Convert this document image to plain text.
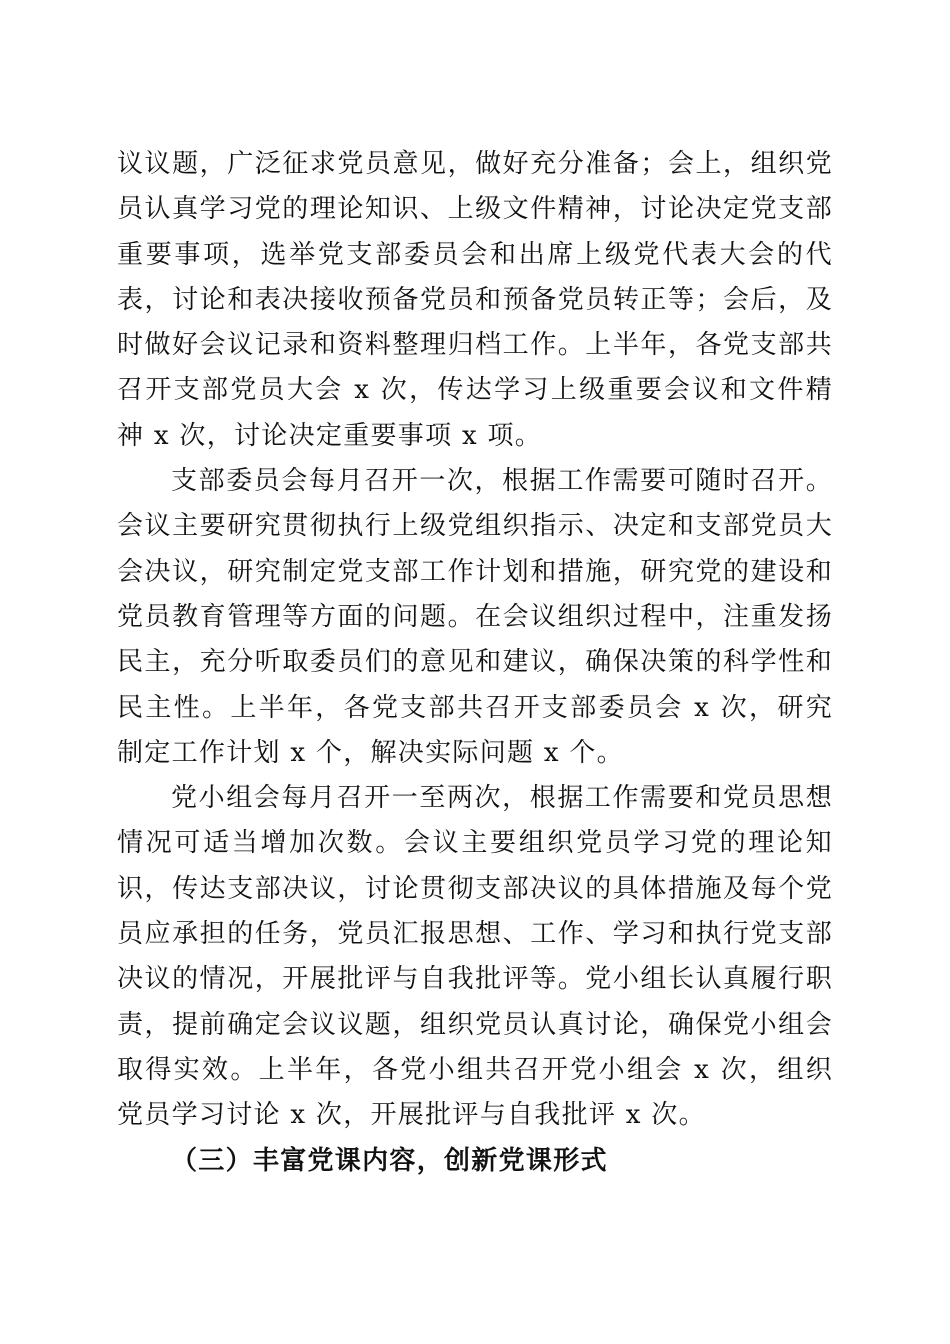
议议题，广泛征求党员意见，做好充分准备；会上，组织党员认真学习党的理论知识、上级文件精神，讨论决定党支部重要事项，选举党支部委员会和出席上级党代表大会的代表，讨论和表决接收预备党员和预备党员转正等；会后，及时做好会议记录和资料整理归档工作。上半年，各党支部共召开支部党员大会 x 次，传达学习上级重要会议和文件精神 x 次，讨论决定重要事项 x 项。

支部委员会每月召开一次，根据工作需要可随时召开。会议主要研究贯彻执行上级党组织指示、决定和支部党员大会决议，研究制定党支部工作计划和措施，研究党的建设和党员教育管理等方面的问题。在会议组织过程中，注重发扬民主，充分听取委员们的意见和建议，确保决策的科学性和民主性。上半年，各党支部共召开支部委员会 x 次，研究制定工作计划 x 个，解决实际问题 x 个。

党小组会每月召开一至两次，根据工作需要和党员思想情况可适当增加次数。会议主要组织党员学习党的理论知识，传达支部决议，讨论贯彻支部决议的具体措施及每个党员应承担的任务，党员汇报思想、工作、学习和执行党支部决议的情况，开展批评与自我批评等。党小组长认真履行职责，提前确定会议议题，组织党员认真讨论，确保党小组会取得实效。上半年，各党小组共召开党小组会 x 次，组织党员学习讨论 x 次，开展批评与自我批评 x 次。

（三）丰富党课内容，创新党课形式
